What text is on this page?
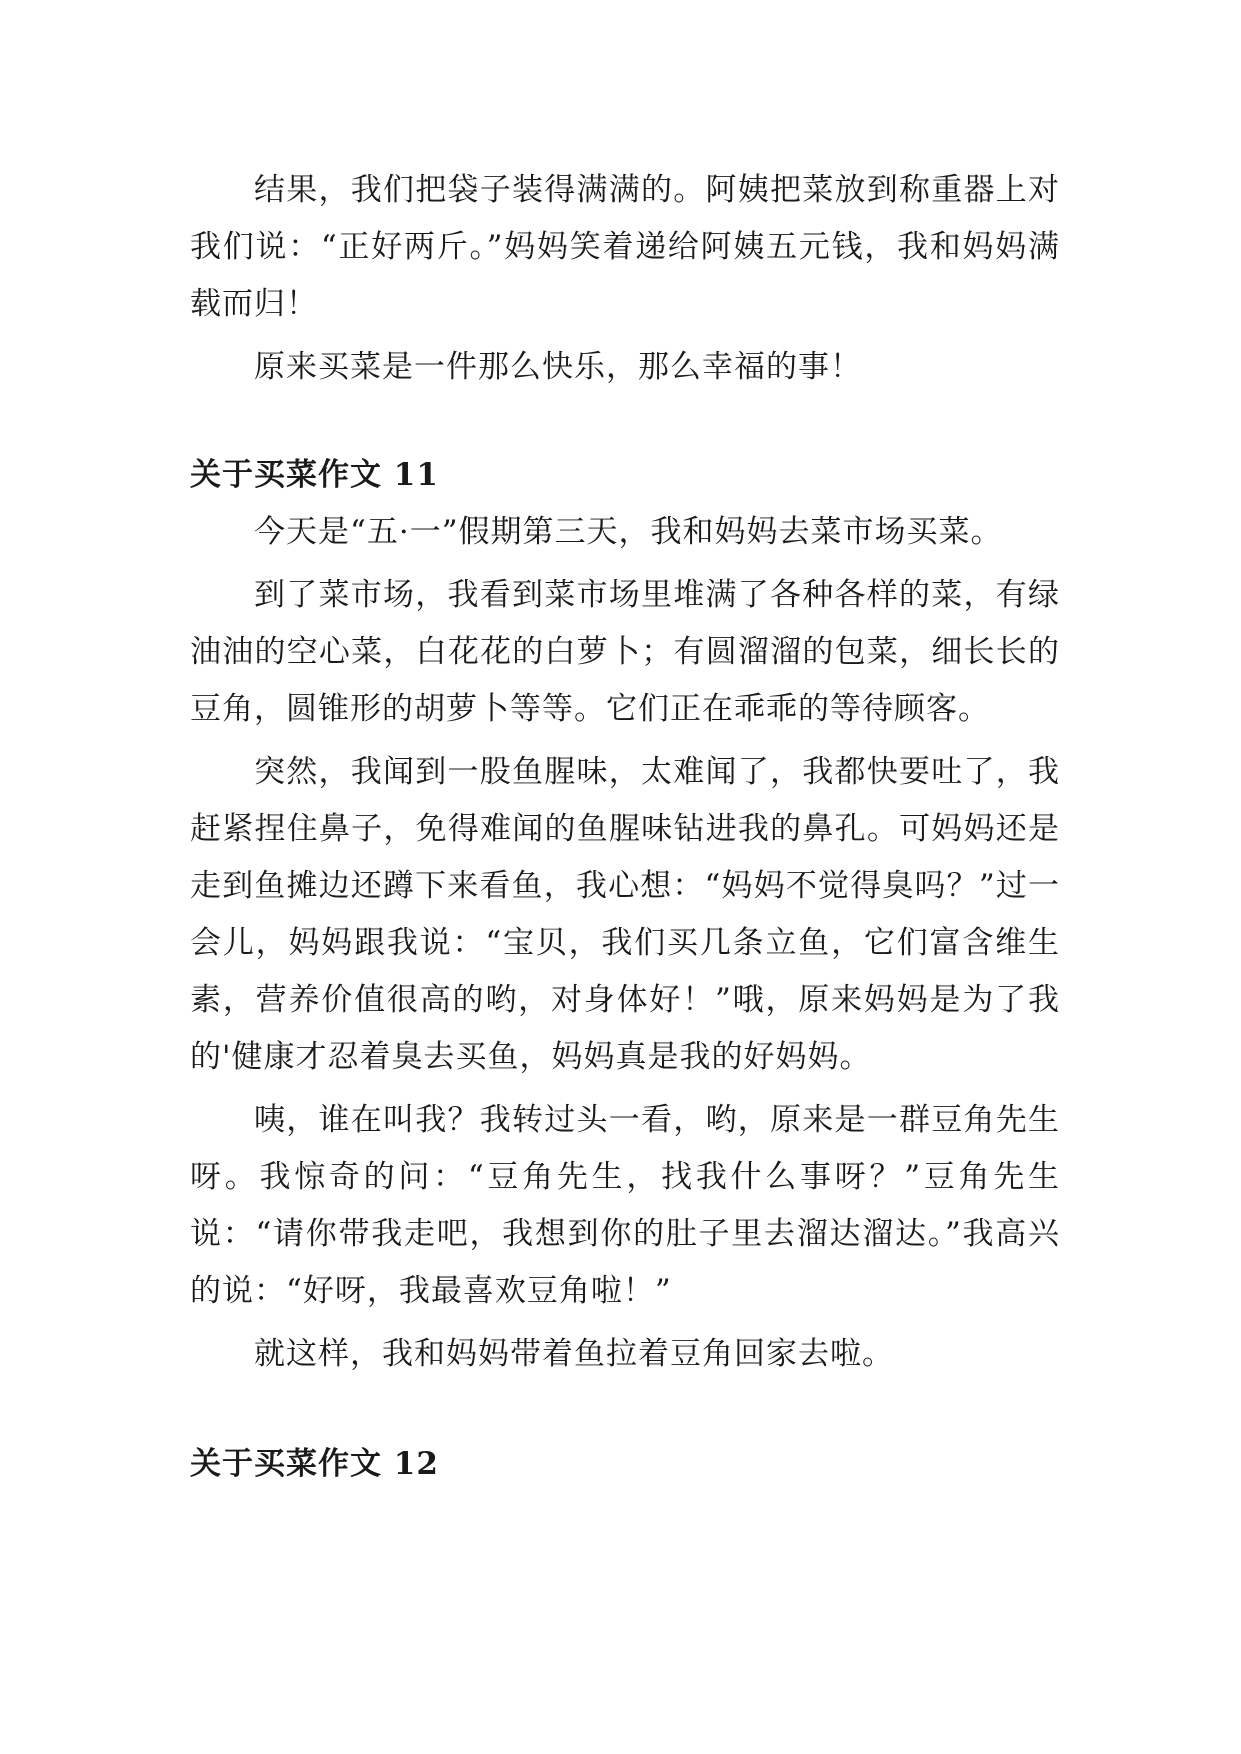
结果，我们把袋子装得满满的。阿姨把菜放到称重器上对我们说：“正好两斤。”妈妈笑着递给阿姨五元钱，我和妈妈满载而归！

原来买菜是一件那么快乐，那么幸福的事！

关于买菜作文 11

今天是“五·一”假期第三天，我和妈妈去菜市场买菜。

到了菜市场，我看到菜市场里堆满了各种各样的菜，有绿油油的空心菜，白花花的白萝卜；有圆溜溜的包菜，细长长的豆角，圆锥形的胡萝卜等等。它们正在乖乖的等待顾客。

突然，我闻到一股鱼腥味，太难闻了，我都快要吐了，我赶紧捏住鼻子，免得难闻的鱼腥味钻进我的鼻孔。可妈妈还是走到鱼摊边还蹲下来看鱼，我心想：“妈妈不觉得臭吗？”过一会儿，妈妈跟我说：“宝贝，我们买几条立鱼，它们富含维生素，营养价值很高的哟，对身体好！”哦，原来妈妈是为了我的'健康才忍着臭去买鱼，妈妈真是我的好妈妈。

咦，谁在叫我？我转过头一看，哟，原来是一群豆角先生呀。我惊奇的问：“豆角先生，找我什么事呀？”豆角先生说：“请你带我走吧，我想到你的肚子里去溜达溜达。”我高兴的说：“好呀，我最喜欢豆角啦！”

就这样，我和妈妈带着鱼拉着豆角回家去啦。

关于买菜作文 12
